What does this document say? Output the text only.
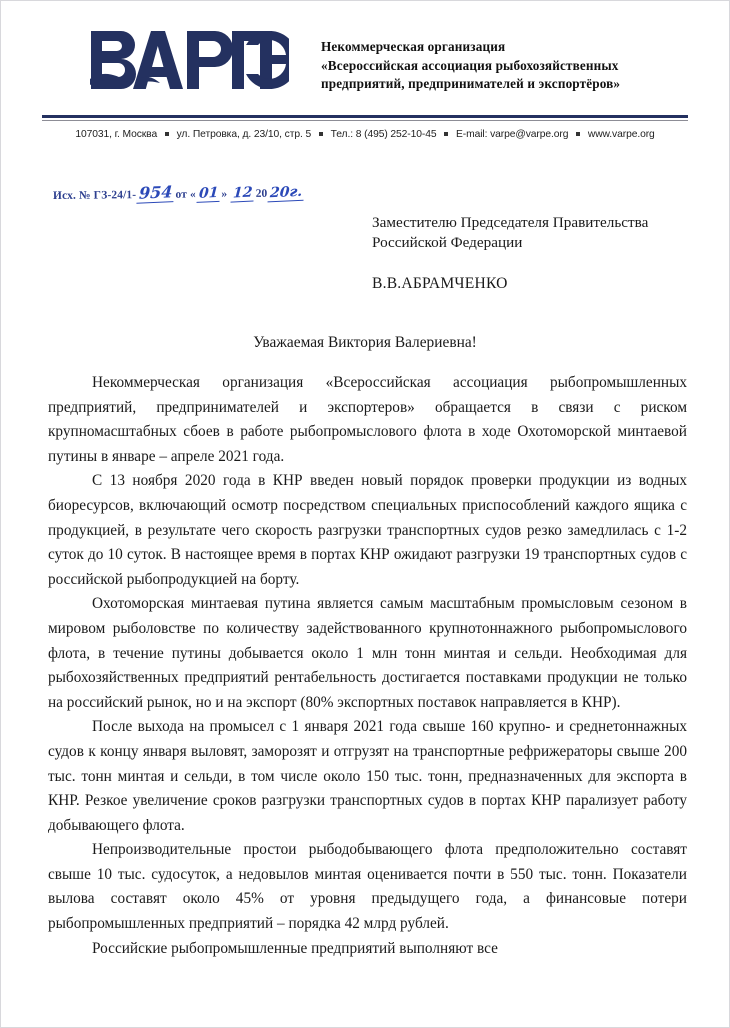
Некоммерческая организация
«Всероссийская ассоциация рыбохозяйственных
предприятий, предпринимателей и экспортёров»
107031, г. Москва ул. Петровка, д. 23/10, стр. 5 Тел.: 8 (495) 252-10-45 E-mail: varpe@varpe.org www.varpe.org
Исх. № ГЗ-24/1- 954 от « 01 » 12 20 20г.
Заместителю Председателя Правительства
Российской Федерации
В.В.АБРАМЧЕНКО
Уважаемая Виктория Валериевна!

Некоммерческая организация «Всероссийская ассоциация рыбопромышленных предприятий, предпринимателей и экспортеров» обращается в связи с риском крупномасштабных сбоев в работе рыбопромыслового флота в ходе Охотоморской минтаевой путины в январе – апреле 2021 года.

С 13 ноября 2020 года в КНР введен новый порядок проверки продукции из водных биоресурсов, включающий осмотр посредством специальных приспособлений каждого ящика с продукцией, в результате чего скорость разгрузки транспортных судов резко замедлилась с 1-2 суток до 10 суток. В настоящее время в портах КНР ожидают разгрузки 19 транспортных судов с российской рыбопродукцией на борту.

Охотоморская минтаевая путина является самым масштабным промысловым сезоном в мировом рыболовстве по количеству задействованного крупнотоннажного рыбопромыслового флота, в течение путины добывается около 1 млн тонн минтая и сельди. Необходимая для рыбохозяйственных предприятий рентабельность достигается поставками продукции не только на российский рынок, но и на экспорт (80% экспортных поставок направляется в КНР).

После выхода на промысел с 1 января 2021 года свыше 160 крупно- и среднетоннажных судов к концу января выловят, заморозят и отгрузят на транспортные рефрижераторы свыше 200 тыс. тонн минтая и сельди, в том числе около 150 тыс. тонн, предназначенных для экспорта в КНР. Резкое увеличение сроков разгрузки транспортных судов в портах КНР парализует работу добывающего флота.

Непроизводительные простои рыбодобывающего флота предположительно составят свыше 10 тыс. судосуток, а недовылов минтая оценивается почти в 550 тыс. тонн. Показатели вылова составят около 45% от уровня предыдущего года, а финансовые потери рыбопромышленных предприятий – порядка 42 млрд рублей.

Российские рыбопромышленные предприятий выполняют все
